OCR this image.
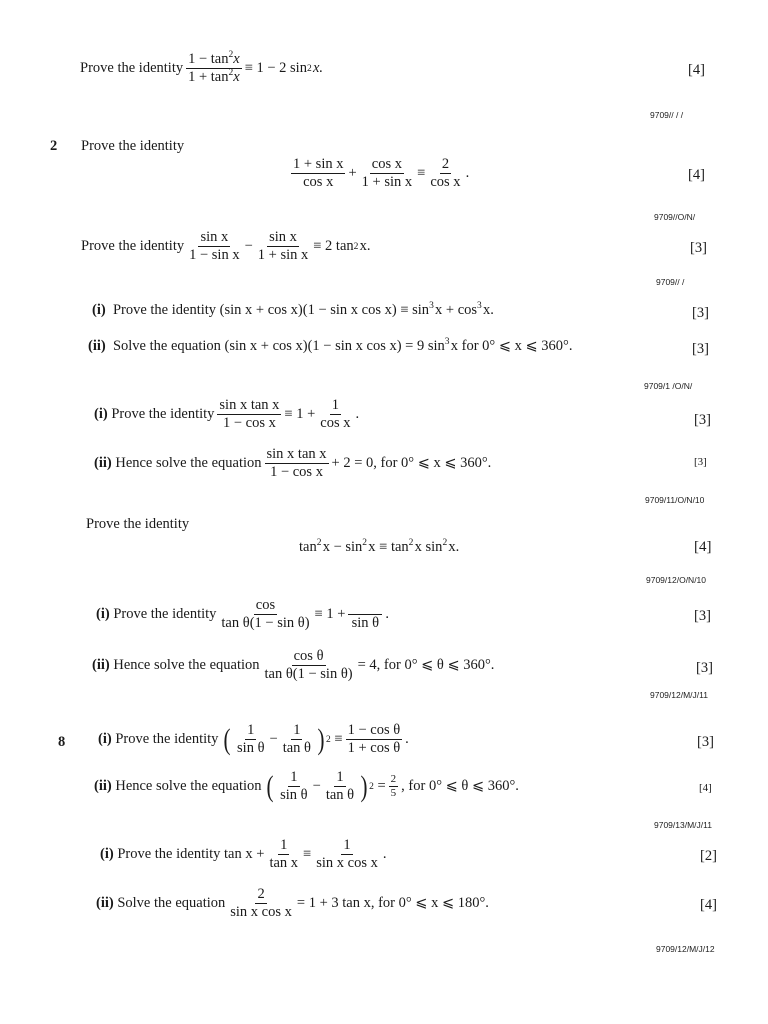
Prove the identity $\frac{1 - \tan^2x}{1 + \tan^2x} \equiv 1 - 2$ sin 2
  x.	[4]
9709// / /
2 Prove the identity
$\frac{\text{1 + sin x}}{\text{cos x}} + \frac{\text{cos x}}{\text{1 + sin x}} \equiv \frac{2}{\text{cos x}}$ .	[4]
9709//O/N/
Prove the identity $\frac{\text{sin x}}{\text{1 − sin x}} - \frac{\text{sin x}}{\text{1 + sin x}} \equiv 2$ tan 2
  x.	[3]
9709// /
(i) Prove the identity (sin x + cos x)(1 − sin x $\cos x) \equiv \sin^3$ $x + \cos^3$ x.	[3]
(ii) Solve the equation (sin x + cos x)(1 − sin x cos x) = 9 $\sin^3$ x for 0° ⩽ x ⩽ 360°.	[3]
9709/1 /O/N/
(i)
Prove the identity $\frac{\text{sin x tan x}}{\text{1 − cos x}} \equiv 1 + \frac{1}{\text{cos x}}$ .	[3]
(ii)
Hence solve the equation $\frac{\text{sin x tan x}}{\text{1 − cos x}} + 2 = 0$, for 0° ⩽ x ⩽ 360°.	[3]
9709/11/O/N/10
Prove the identity
$\tan^2$ $x - \sin^2$ $x \equiv \tan^2$ x $\sin^2$ x.	[4]
9709/12/O/N/10
(i)
Prove the identity $\frac{\cos}{\text{tan θ(1 − sin θ)}} \equiv 1$ +

sin θ
.	[3]
(ii)
Hence solve the equation $\frac{\text{cos θ}}{\text{tan θ(1 − sin θ)}} = 4$, for 0° ⩽ θ ⩽ 360°.	[3]
9709/12/M/J/11
8 (i)
Prove the identity
( $\frac{1}{\text{sin θ}} - \frac{1}{\text{tan θ}}$ ) 2
≡ $\frac{\text{1 − cos θ}}{\text{1 + cos θ}}$ .	[3]
(ii)
Hence solve the equation
( $\frac{1}{\text{sin θ}} - \frac{1}{\text{tan θ}}$ ) 2
= $\frac{2}{5}$ , for 0° ⩽ θ ⩽ 360°.	[4]
9709/13/M/J/11
(i)
Prove the identity $\tan x + \frac{1}{\text{tan x}} \equiv \frac{1}{\text{sin x cos x}}$ .	[2]
(ii)
Solve the equation $\frac{2}{\text{sin x cos x}} = 1 + 3$ tan x, for 0° ⩽ x ⩽ 180°.	[4]
9709/12/M/J/12
